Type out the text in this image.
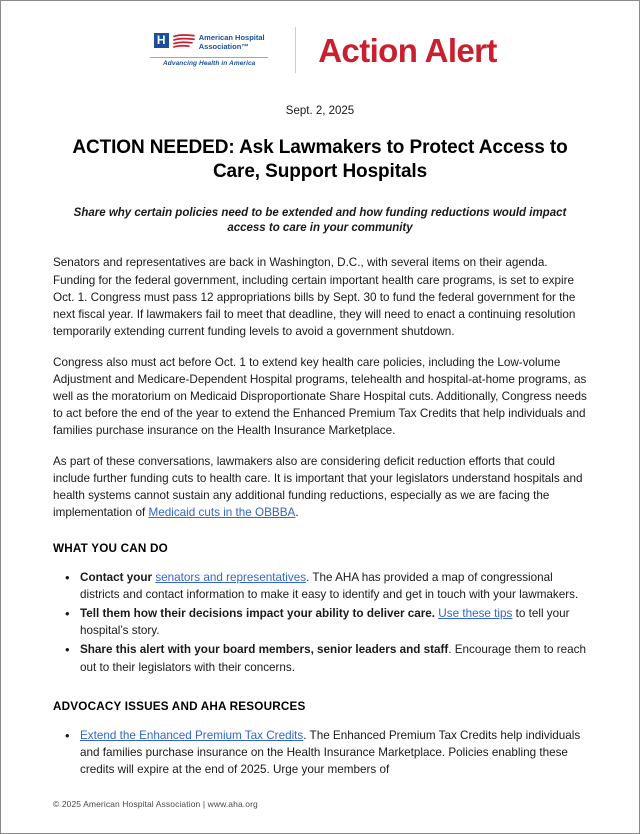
H	American Hospital
Association™
Advancing Health in America Action Alert
Sept. 2, 2025
ACTION NEEDED: Ask Lawmakers to Protect Access to Care, Support Hospitals
Share why certain policies need to be extended and how funding reductions would impact access to care in your community

Senators and representatives are back in Washington, D.C., with several items on their agenda. Funding for the federal government, including certain important health care programs, is set to expire Oct. 1. Congress must pass 12 appropriations bills by Sept. 30 to fund the federal government for the next fiscal year. If lawmakers fail to meet that deadline, they will need to enact a continuing resolution temporarily extending current funding levels to avoid a government shutdown.

Congress also must act before Oct. 1 to extend key health care policies, including the Low-volume Adjustment and Medicare-Dependent Hospital programs, telehealth and hospital-at-home programs, as well as the moratorium on Medicaid Disproportionate Share Hospital cuts. Additionally, Congress needs to act before the end of the year to extend the Enhanced Premium Tax Credits that help individuals and families purchase insurance on the Health Insurance Marketplace.

As part of these conversations, lawmakers also are considering deficit reduction efforts that could include further funding cuts to health care. It is important that your legislators understand hospitals and health systems cannot sustain any additional funding reductions, especially as we are facing the implementation of Medicaid cuts in the OBBBA.

WHAT YOU CAN DO
• Contact your senators and representatives. The AHA has provided a map of congressional districts and contact information to make it easy to identify and get in touch with your lawmakers.
• Tell them how their decisions impact your ability to deliver care. Use these tips to tell your hospital’s story.
• Share this alert with your board members, senior leaders and staff. Encourage them to reach out to their legislators with their concerns.
ADVOCACY ISSUES AND AHA RESOURCES
• Extend the Enhanced Premium Tax Credits. The Enhanced Premium Tax Credits help individuals and families purchase insurance on the Health Insurance Marketplace. Policies enabling these credits will expire at the end of 2025. Urge your members of
© 2025 American Hospital Association | www.aha.org
